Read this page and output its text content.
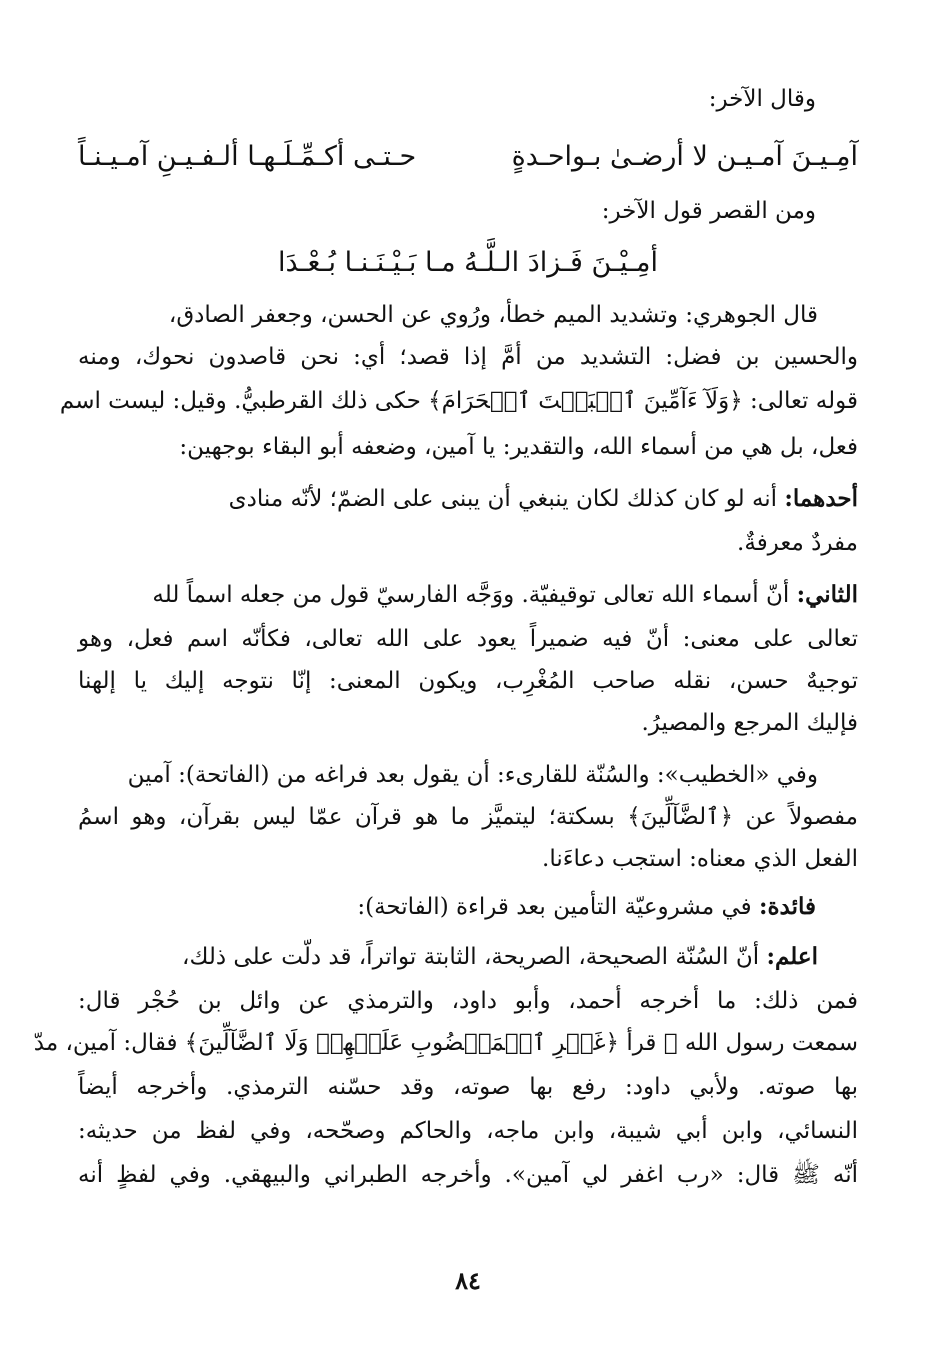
وقال الآخر:
آمِـيـنَ آمـيـن لا أرضـىٰ بـواحـدةٍ
حـتـى أكـمِّـلَـهـا ألـفـيـنِ آمـيـنـاً
ومن القصر قول الآخر:
أمِـيْـنَ فَـزادَ الـلَّـهُ مـا بَـيْـنَـنـا بُـعْـدَا
قال الجوهري: وتشديد الميم خطأ، ورُوي عن الحسن، وجعفر الصادق،
والحسين بن فضل: التشديد من أمَّ إذا قصد؛ أي: نحن قاصدون نحوك، ومنه
قوله تعالى: ﴿وَلَآ ءَآمِّينَ ٱلۡبَيۡتَ ٱلۡحَرَامَ﴾ حكى ذلك القرطبيُّ. وقيل: ليست اسم
فعل، بل هي من أسماء الله، والتقدير: يا آمين، وضعفه أبو البقاء بوجهين:
أحدهما: أنه لو كان كذلك لكان ينبغي أن يبنى على الضمّ؛ لأنّه منادى
مفردٌ معرفةٌ.
الثاني: أنّ أسماء الله تعالى توقيفيّة. ووَجَّه الفارسيّ قول من جعله اسماً لله
تعالى على معنى: أنّ فيه ضميراً يعود على الله تعالى، فكأنّه اسم فعل، وهو
توجيهٌ حسن، نقله صاحب المُغْرِب، ويكون المعنى: إنّا نتوجه إليك يا إلهنا
فإليك المرجع والمصيرُ.
وفي «الخطيب»: والسُنّة للقارىء: أن يقول بعد فراغه من (الفاتحة): آمين
مفصولاً عن ﴿ٱلضَّآلِّينَ﴾ بسكتة؛ ليتميَّز ما هو قرآن عمّا ليس بقرآن، وهو اسمُ
الفعل الذي معناه: استجب دعاءَنا.
فائدة: في مشروعيّة التأمين بعد قراءة (الفاتحة):
اعلم: أنّ السُنّة الصحيحة، الصريحة، الثابتة تواتراً، قد دلّت على ذلك،
فمن ذلك: ما أخرجه أحمد، وأبو داود، والترمذي عن وائل بن حُجْر قال:
سمعت رسول الله ﷺ قرأ ﴿غَيۡرِ ٱلۡمَغۡضُوبِ عَلَيۡهِمۡ وَلَا ٱلضَّآلِّينَ﴾ فقال: آمين، مدّ
بها صوته. ولأبي داود: رفع بها صوته، وقد حسّنه الترمذي. وأخرجه أيضاً
النسائي، وابن أبي شيبة، وابن ماجه، والحاكم وصحّحه، وفي لفظ من حديثه:
أنّه ﷺ قال: «رب اغفر لي آمين». وأخرجه الطبراني والبيهقي. وفي لفظٍ أنه
٨٤
